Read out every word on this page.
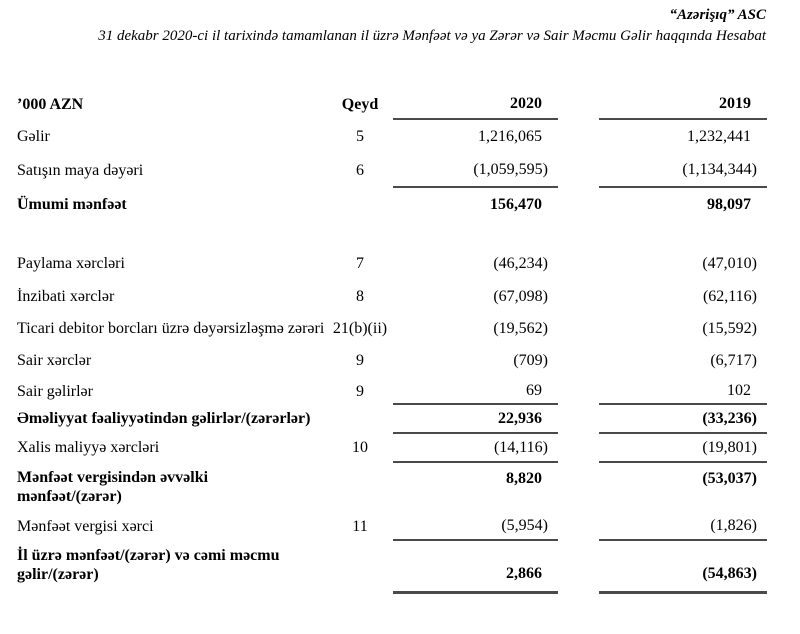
“Azərişıq” ASC
31 dekabr 2020-ci il tarixində tamamlanan il üzrə Mənfəət və ya Zərər və Sair Məcmu Gəlir haqqında Hesabat
’000 AZN	Qeyd	2020		2019
Gəlir	5	1,216,065		1,232,441
Satışın maya dəyəri	6	(1,059,595)		(1,134,344)
Ümumi mənfəət		156,470		98,097

Paylama xərcləri	7	(46,234)		(47,010)
İnzibati xərclər	8	(67,098)		(62,116)

Ticari debitor borcları üzrə dəyərsizləşmə zərəri	21(b)(ii)	(19,562)		(15,592)
Sair xərclər	9	(709)		(6,717)
Sair gəlirlər	9	69		102
Əməliyyat fəaliyyətindən gəlirlər/(zərərlər)		22,936		(33,236)
Xalis maliyyə xərcləri	10	(14,116)		(19,801)

Mənfəət vergisindən əvvəlki mənfəət/(zərər)		8,820		(53,037)
Mənfəət vergisi xərci	11	(5,954)		(1,826)

İl üzrə mənfəət/(zərər) və cəmi məcmu gəlir/(zərər)		2,866		(54,863)
